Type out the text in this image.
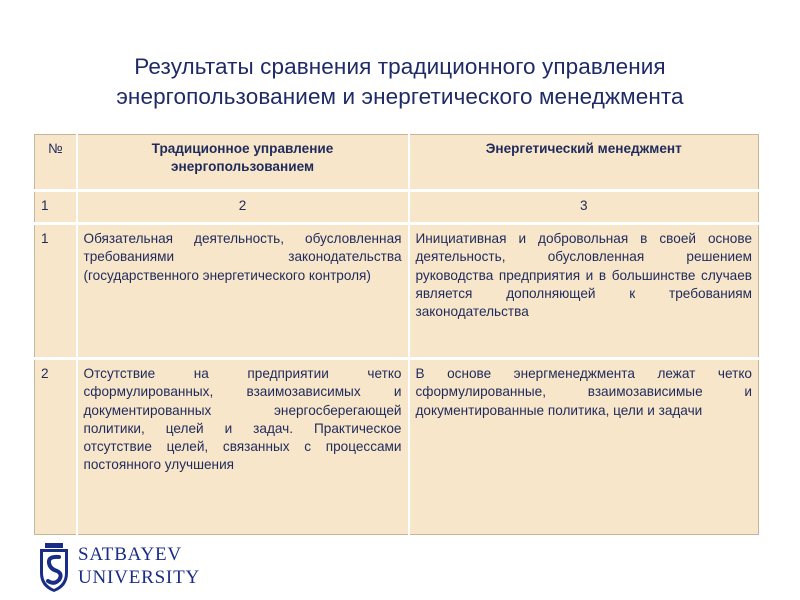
Результаты сравнения традиционного управления
энергопользованием и энергетического менеджмента
№	Традиционное управление энергопользованием	Энергетический менеджмент
1	2	3
1	Обязательная деятельность, обусловленная требованиями законодательства (государственного энергетического контроля)	Инициативная и добровольная в своей основе деятельность, обусловленная решением руководства предприятия и в большинстве случаев является дополняющей к требованиям законодательства
2	Отсутствие на предприятии четко сформулированных, взаимозависимых и документированных энергосберегающей политики, целей и задач. Практическое отсутствие целей, связанных с процессами постоянного улучшения	В основе энергменеджмента лежат четко сформулированные, взаимозависимые и документированные политика, цели и задачи
SATBAYEV
UNIVERSITY
